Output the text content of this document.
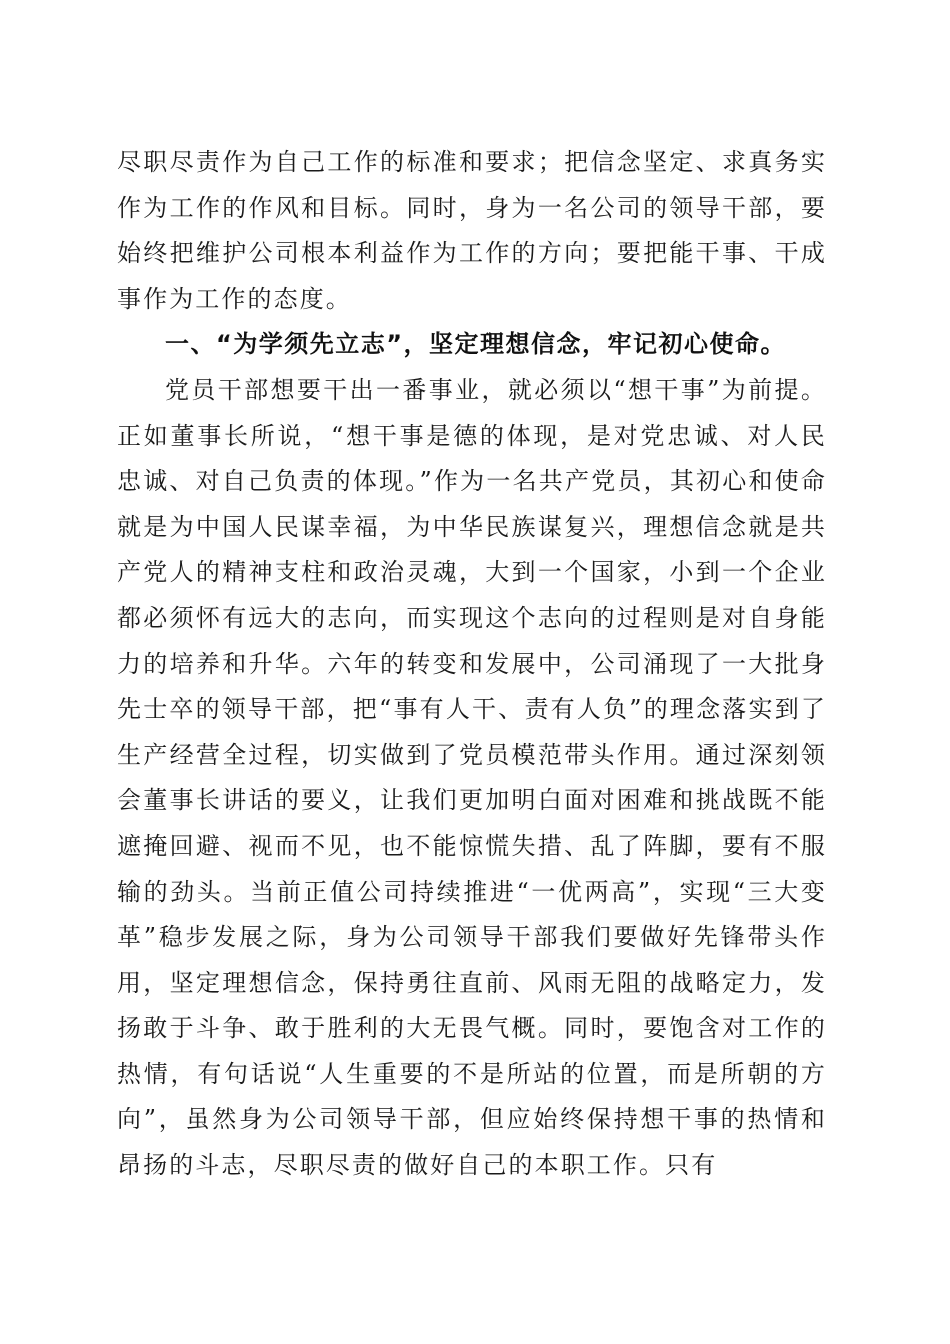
尽职尽责作为自己工作的标准和要求；把信念坚定、求真务实作为工作的作风和目标。同时，身为一名公司的领导干部，要始终把维护公司根本利益作为工作的方向；要把能干事、干成事作为工作的态度。

一、“为学须先立志”，坚定理想信念，牢记初心使命。

党员干部想要干出一番事业，就必须以“想干事”为前提。正如董事长所说，“想干事是德的体现，是对党忠诚、对人民忠诚、对自己负责的体现。”作为一名共产党员，其初心和使命就是为中国人民谋幸福，为中华民族谋复兴，理想信念就是共产党人的精神支柱和政治灵魂，大到一个国家，小到一个企业都必须怀有远大的志向，而实现这个志向的过程则是对自身能力的培养和升华。六年的转变和发展中，公司涌现了一大批身先士卒的领导干部，把“事有人干、责有人负”的理念落实到了生产经营全过程，切实做到了党员模范带头作用。通过深刻领会董事长讲话的要义，让我们更加明白面对困难和挑战既不能遮掩回避、视而不见，也不能惊慌失措、乱了阵脚，要有不服输的劲头。当前正值公司持续推进“一优两高”，实现“三大变革”稳步发展之际，身为公司领导干部我们要做好先锋带头作用，坚定理想信念，保持勇往直前、风雨无阻的战略定力，发扬敢于斗争、敢于胜利的大无畏气概。同时，要饱含对工作的热情，有句话说“人生重要的不是所站的位置，而是所朝的方向”，虽然身为公司领导干部，但应始终保持想干事的热情和昂扬的斗志，尽职尽责的做好自己的本职工作。只有
